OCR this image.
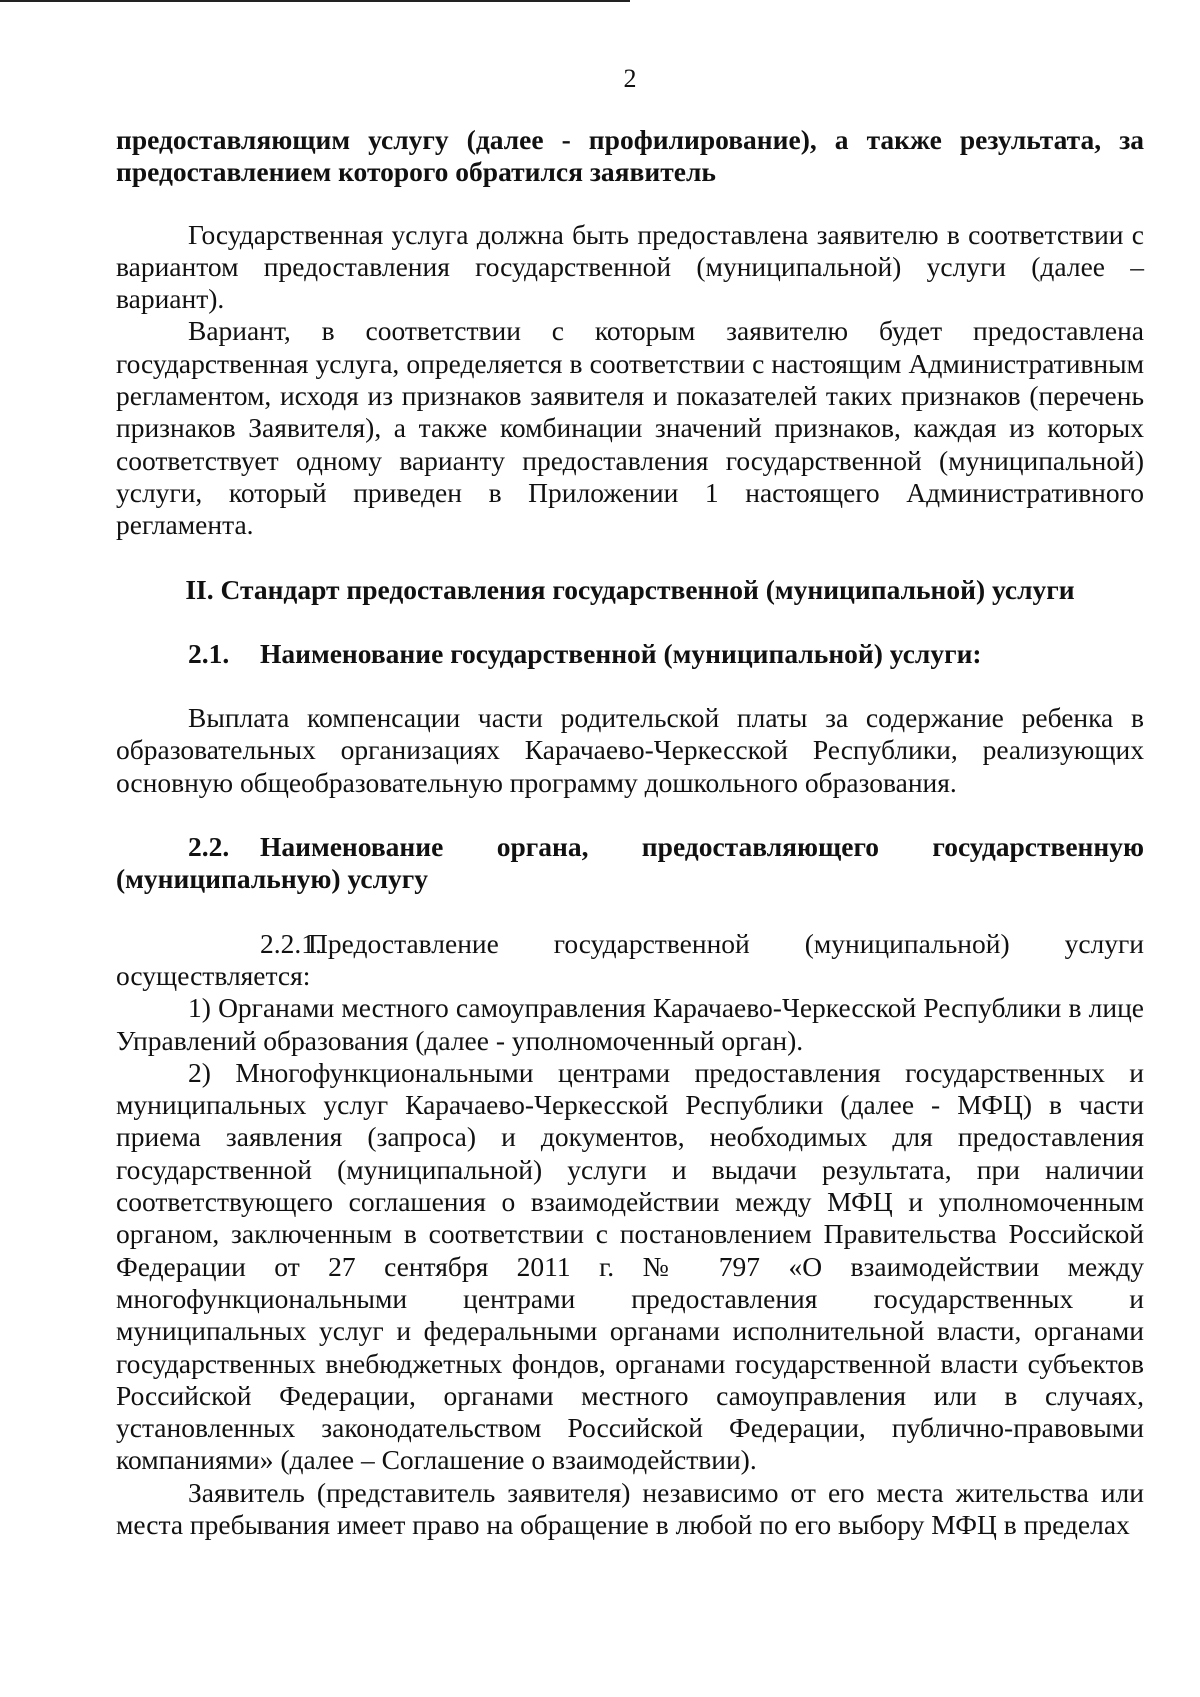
2

предоставляющим услугу (далее - профилирование), а также результата, за предоставлением которого обратился заявитель

Государственная услуга должна быть предоставлена заявителю в соответствии с вариантом предоставления государственной (муниципальной) услуги (далее – вариант).

Вариант, в соответствии с которым заявителю будет предоставлена государственная услуга, определяется в соответствии с настоящим Административным регламентом, исходя из признаков заявителя и показателей таких признаков (перечень признаков Заявителя), а также комбинации значений признаков, каждая из которых соответствует одному варианту предоставления государственной (муниципальной) услуги, который приведен в Приложении 1 настоящего Административного регламента.

II. Стандарт предоставления государственной (муниципальной) услуги

2.1. Наименование государственной (муниципальной) услуги:

Выплата компенсации части родительской платы за содержание ребенка в образовательных организациях Карачаево-Черкесской Республики, реализующих основную общеобразовательную программу дошкольного образования.

2.2. Наименование органа, предоставляющего государственную (муниципальную) услугу

2.2.1.Предоставление государственной (муниципальной) услуги осуществляется:

1) Органами местного самоуправления Карачаево-Черкесской Республики в лице Управлений образования (далее - уполномоченный орган).

2) Многофункциональными центрами предоставления государственных и муниципальных услуг Карачаево-Черкесской Республики (далее - МФЦ) в части приема заявления (запроса) и документов, необходимых для предоставления государственной (муниципальной) услуги и выдачи результата, при наличии соответствующего соглашения о взаимодействии между МФЦ и уполномоченным органом, заключенным в соответствии с постановлением Правительства Российской Федерации от 27 сентября 2011 г. № 797 «О взаимодействии между многофункциональными центрами предоставления государственных и муниципальных услуг и федеральными органами исполнительной власти, органами государственных внебюджетных фондов, органами государственной власти субъектов Российской Федерации, органами местного самоуправления или в случаях, установленных законодательством Российской Федерации, публично-правовыми компаниями» (далее – Соглашение о взаимодействии).

Заявитель (представитель заявителя) независимо от его места жительства или места пребывания имеет право на обращение в любой по его выбору МФЦ в пределах
